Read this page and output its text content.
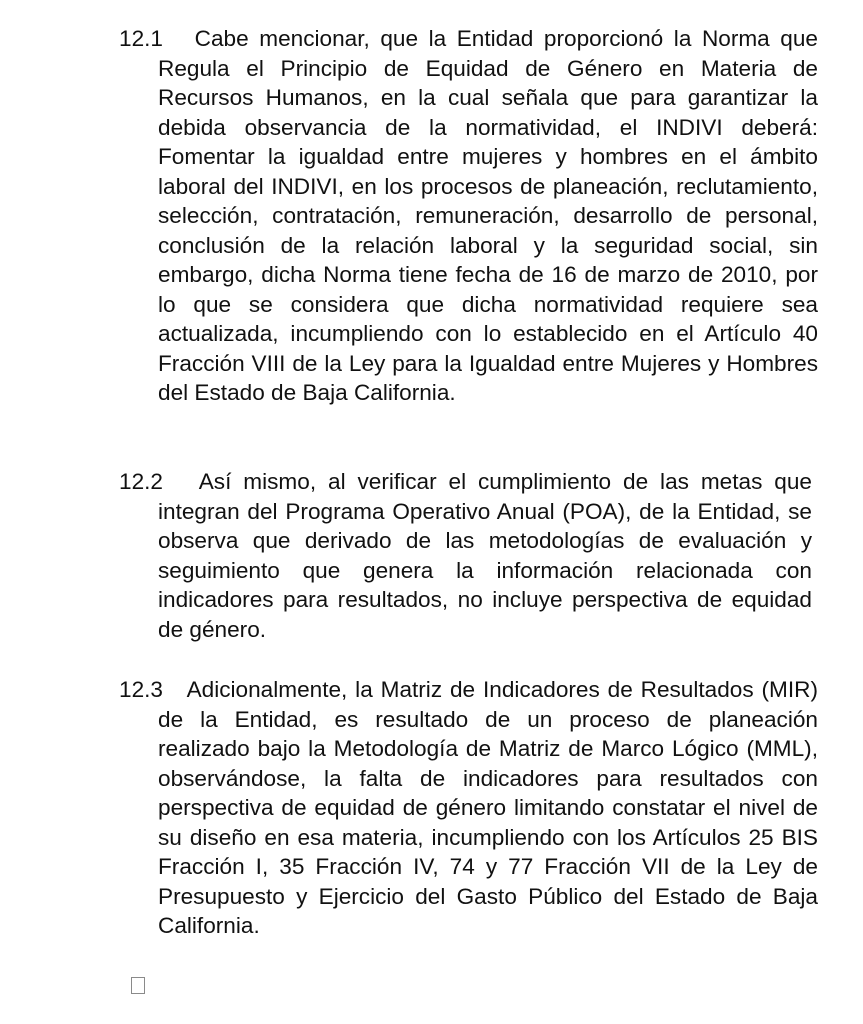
12.1 Cabe mencionar, que la Entidad proporcionó la Norma que Regula el Principio de Equidad de Género en Materia de Recursos Humanos, en la cual señala que para garantizar la debida observancia de la normatividad, el INDIVI deberá: Fomentar la igualdad entre mujeres y hombres en el ámbito laboral del INDIVI, en los procesos de planeación, reclutamiento, selección, contratación, remuneración, desarrollo de personal, conclusión de la relación laboral y la seguridad social, sin embargo, dicha Norma tiene fecha de 16 de marzo de 2010, por lo que se considera que dicha normatividad requiere sea actualizada, incumpliendo con lo establecido en el Artículo 40 Fracción VIII de la Ley para la Igualdad entre Mujeres y Hombres del Estado de Baja California.

12.2 Así mismo, al verificar el cumplimiento de las metas que integran del Programa Operativo Anual (POA), de la Entidad, se observa que derivado de las metodologías de evaluación y seguimiento que genera la información relacionada con indicadores para resultados, no incluye perspectiva de equidad de género.

12.3 Adicionalmente, la Matriz de Indicadores de Resultados (MIR) de la Entidad, es resultado de un proceso de planeación realizado bajo la Metodología de Matriz de Marco Lógico (MML), observándose, la falta de indicadores para resultados con perspectiva de equidad de género limitando constatar el nivel de su diseño en esa materia, incumpliendo con los Artículos 25 BIS Fracción I, 35 Fracción IV, 74 y 77 Fracción VII de la Ley de Presupuesto y Ejercicio del Gasto Público del Estado de Baja California.
